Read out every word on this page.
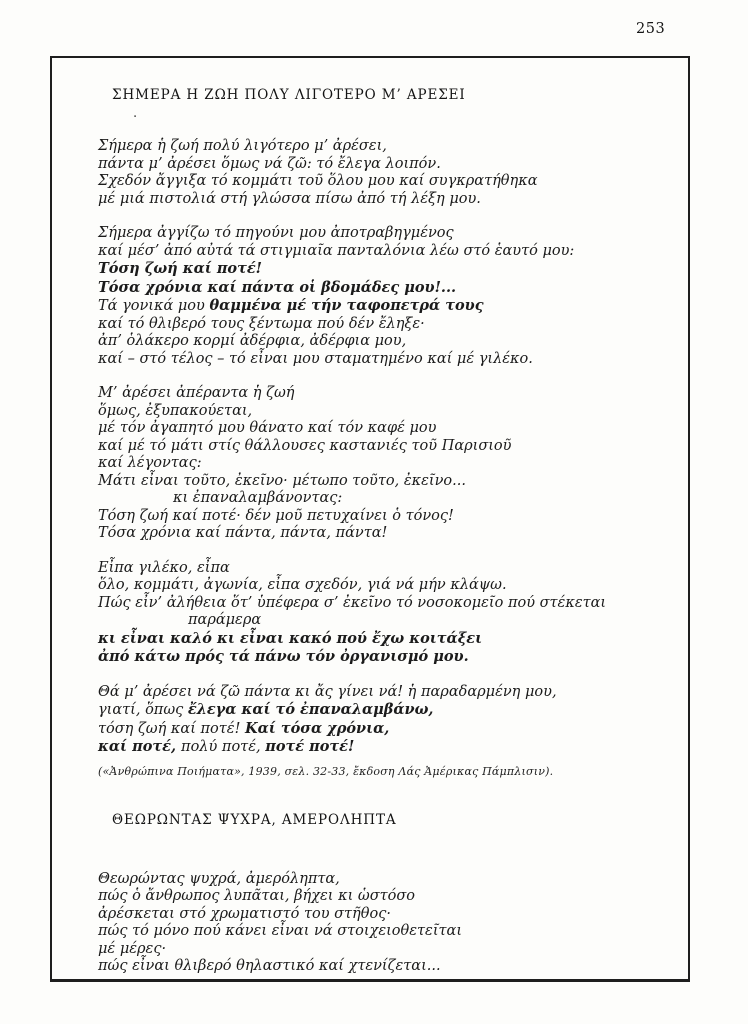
253
.
ΣΗΜΕΡΑ Η ΖΩΗ ΠΟΛΥ ΛΙΓΟΤΕΡΟ Μ’ ΑΡΕΣΕΙ
Σήμερα ἡ ζωή πολύ λιγότερο μ’ ἀρέσει,
πάντα μ’ ἀρέσει ὅμως νά ζῶ: τό ἔλεγα λοιπόν.
Σχεδόν ἄγγιξα τό κομμάτι τοῦ ὅλου μου καί συγκρατήθηκα
μέ μιά πιστολιά στή γλώσσα πίσω ἀπό τή λέξη μου.
Σήμερα ἀγγίζω τό πηγούνι μου ἀποτραβηγμένος
καί μέσ’ ἀπό αὐτά τά στιγμιαῖα πανταλόνια λέω στό ἑαυτό μου:
Τόση ζωή καί ποτέ!
Τόσα χρόνια καί πάντα οἱ βδομάδες μου!...
Τά γονικά μου θαμμένα μέ τήν ταφοπετρά τους
καί τό θλιβερό τους ξέντωμα πού δέν ἔληξε·
ἀπ’ ὁλάκερο κορμί ἀδέρφια, ἀδέρφια μου,
καί – στό τέλος – τό εἶναι μου σταματημένο καί μέ γιλέκο.
Μ’ ἀρέσει ἀπέραντα ἡ ζωή
ὅμως, ἐξυπακούεται,
μέ τόν ἀγαπητό μου θάνατο καί τόν καφέ μου
καί μέ τό μάτι στίς θάλλουσες καστανιές τοῦ Παρισιοῦ
καί λέγοντας:
Μάτι εἶναι τοῦτο, ἐκεῖνο· μέτωπο τοῦτο, ἐκεῖνο...
κι ἐπαναλαμβάνοντας:
Τόση ζωή καί ποτέ· δέν μοῦ πετυχαίνει ὁ τόνος!
Τόσα χρόνια καί πάντα, πάντα, πάντα!
Εἶπα γιλέκο, εἶπα
ὅλο, κομμάτι, ἀγωνία, εἶπα σχεδόν, γιά νά μήν κλάψω.
Πώς εἶν’ ἀλήθεια ὅτ’ ὑπέφερα σ’ ἐκεῖνο τό νοσοκομεῖο πού στέκεται
παράμερα
κι εἶναι καλό κι εἶναι κακό πού ἔχω κοιτάξει
ἀπό κάτω πρός τά πάνω τόν ὀργανισμό μου.
Θά μ’ ἀρέσει νά ζῶ πάντα κι ἄς γίνει νά! ἡ παραδαρμένη μου,
γιατί, ὅπως ἔλεγα καί τό ἐπαναλαμβάνω,
τόση ζωή καί ποτέ! Καί τόσα χρόνια,
καί ποτέ, πολύ ποτέ, ποτέ ποτέ!

(«Ἀνθρώπινα Ποιήματα», 1939, σελ. 32-33, ἔκδοση Λάς Ἀμέρικας Πάμπλισιν).

ΘΕΩΡΩΝΤΑΣ ΨΥΧΡΑ, ΑΜΕΡΟΛΗΠΤΑ
Θεωρώντας ψυχρά, ἀμερόληπτα,
πώς ὁ ἄνθρωπος λυπᾶται, βήχει κι ὡστόσο
ἀρέσκεται στό χρωματιστό του στῆθος·
πώς τό μόνο πού κάνει εἶναι νά στοιχειοθετεῖται
μέ μέρες·
πώς εἶναι θλιβερό θηλαστικό καί χτενίζεται...
